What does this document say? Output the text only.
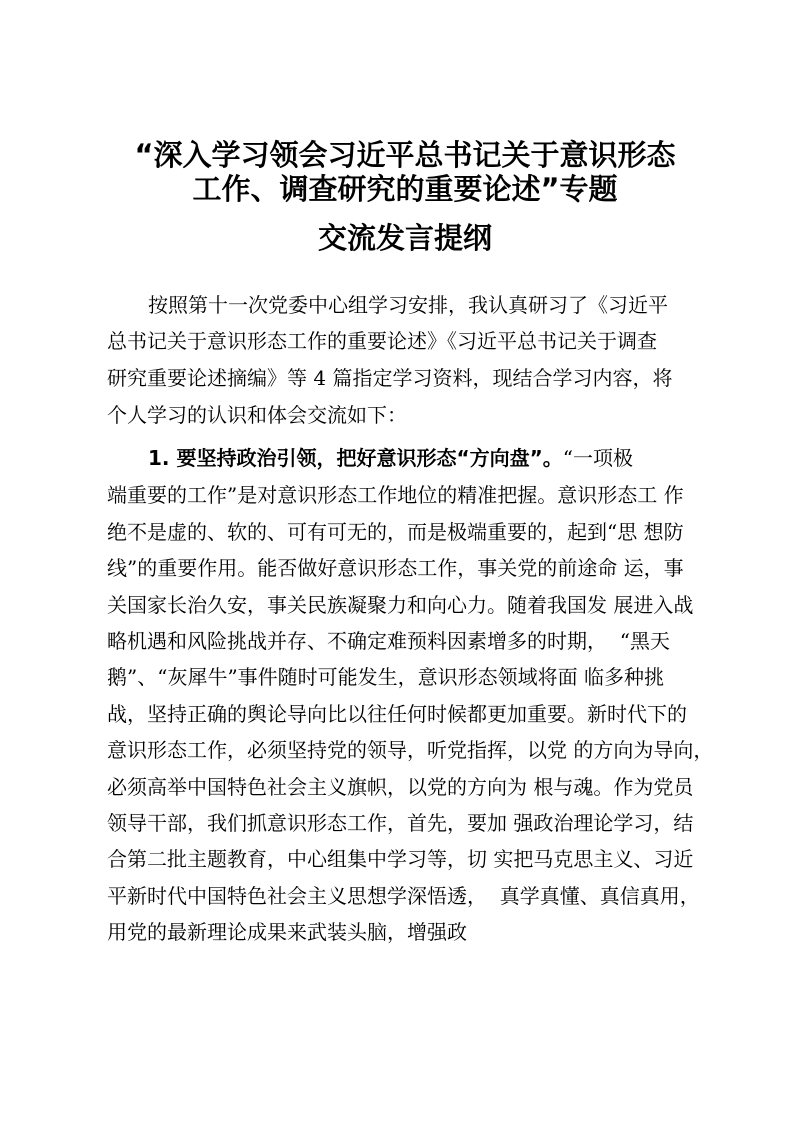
“深入学习领会习近平总书记关于意识形态
工作、调查研究的重要论述”专题
交流发言提纲
按照第十一次党委中心组学习安排，我认真研习了《习近平
总书记关于意识形态工作的重要论述》《习近平总书记关于调查
研究重要论述摘编》等 4 篇指定学习资料，现结合学习内容，将
个人学习的认识和体会交流如下：
1. 要坚持政治引领，把好意识形态“方向盘”。“一项极
端重要的工作”是对意识形态工作地位的精准把握。意识形态工 作
绝不是虚的、软的、可有可无的，而是极端重要的，起到“思 想防
线”的重要作用。能否做好意识形态工作，事关党的前途命 运，事
关国家长治久安，事关民族凝聚力和向心力。随着我国发 展进入战
略机遇和风险挑战并存、不确定难预料因素增多的时期，  “黑天
鹅”、“灰犀牛”事件随时可能发生，意识形态领域将面 临多种挑
战，坚持正确的舆论导向比以往任何时候都更加重要。新时代下的
意识形态工作，必须坚持党的领导，听党指挥，以党 的方向为导向，
必须高举中国特色社会主义旗帜，以党的方向为 根与魂。作为党员
领导干部，我们抓意识形态工作，首先，要加 强政治理论学习，结
合第二批主题教育，中心组集中学习等，切 实把马克思主义、习近
平新时代中国特色社会主义思想学深悟透，  真学真懂、真信真用，
用党的最新理论成果来武装头脑，增强政
